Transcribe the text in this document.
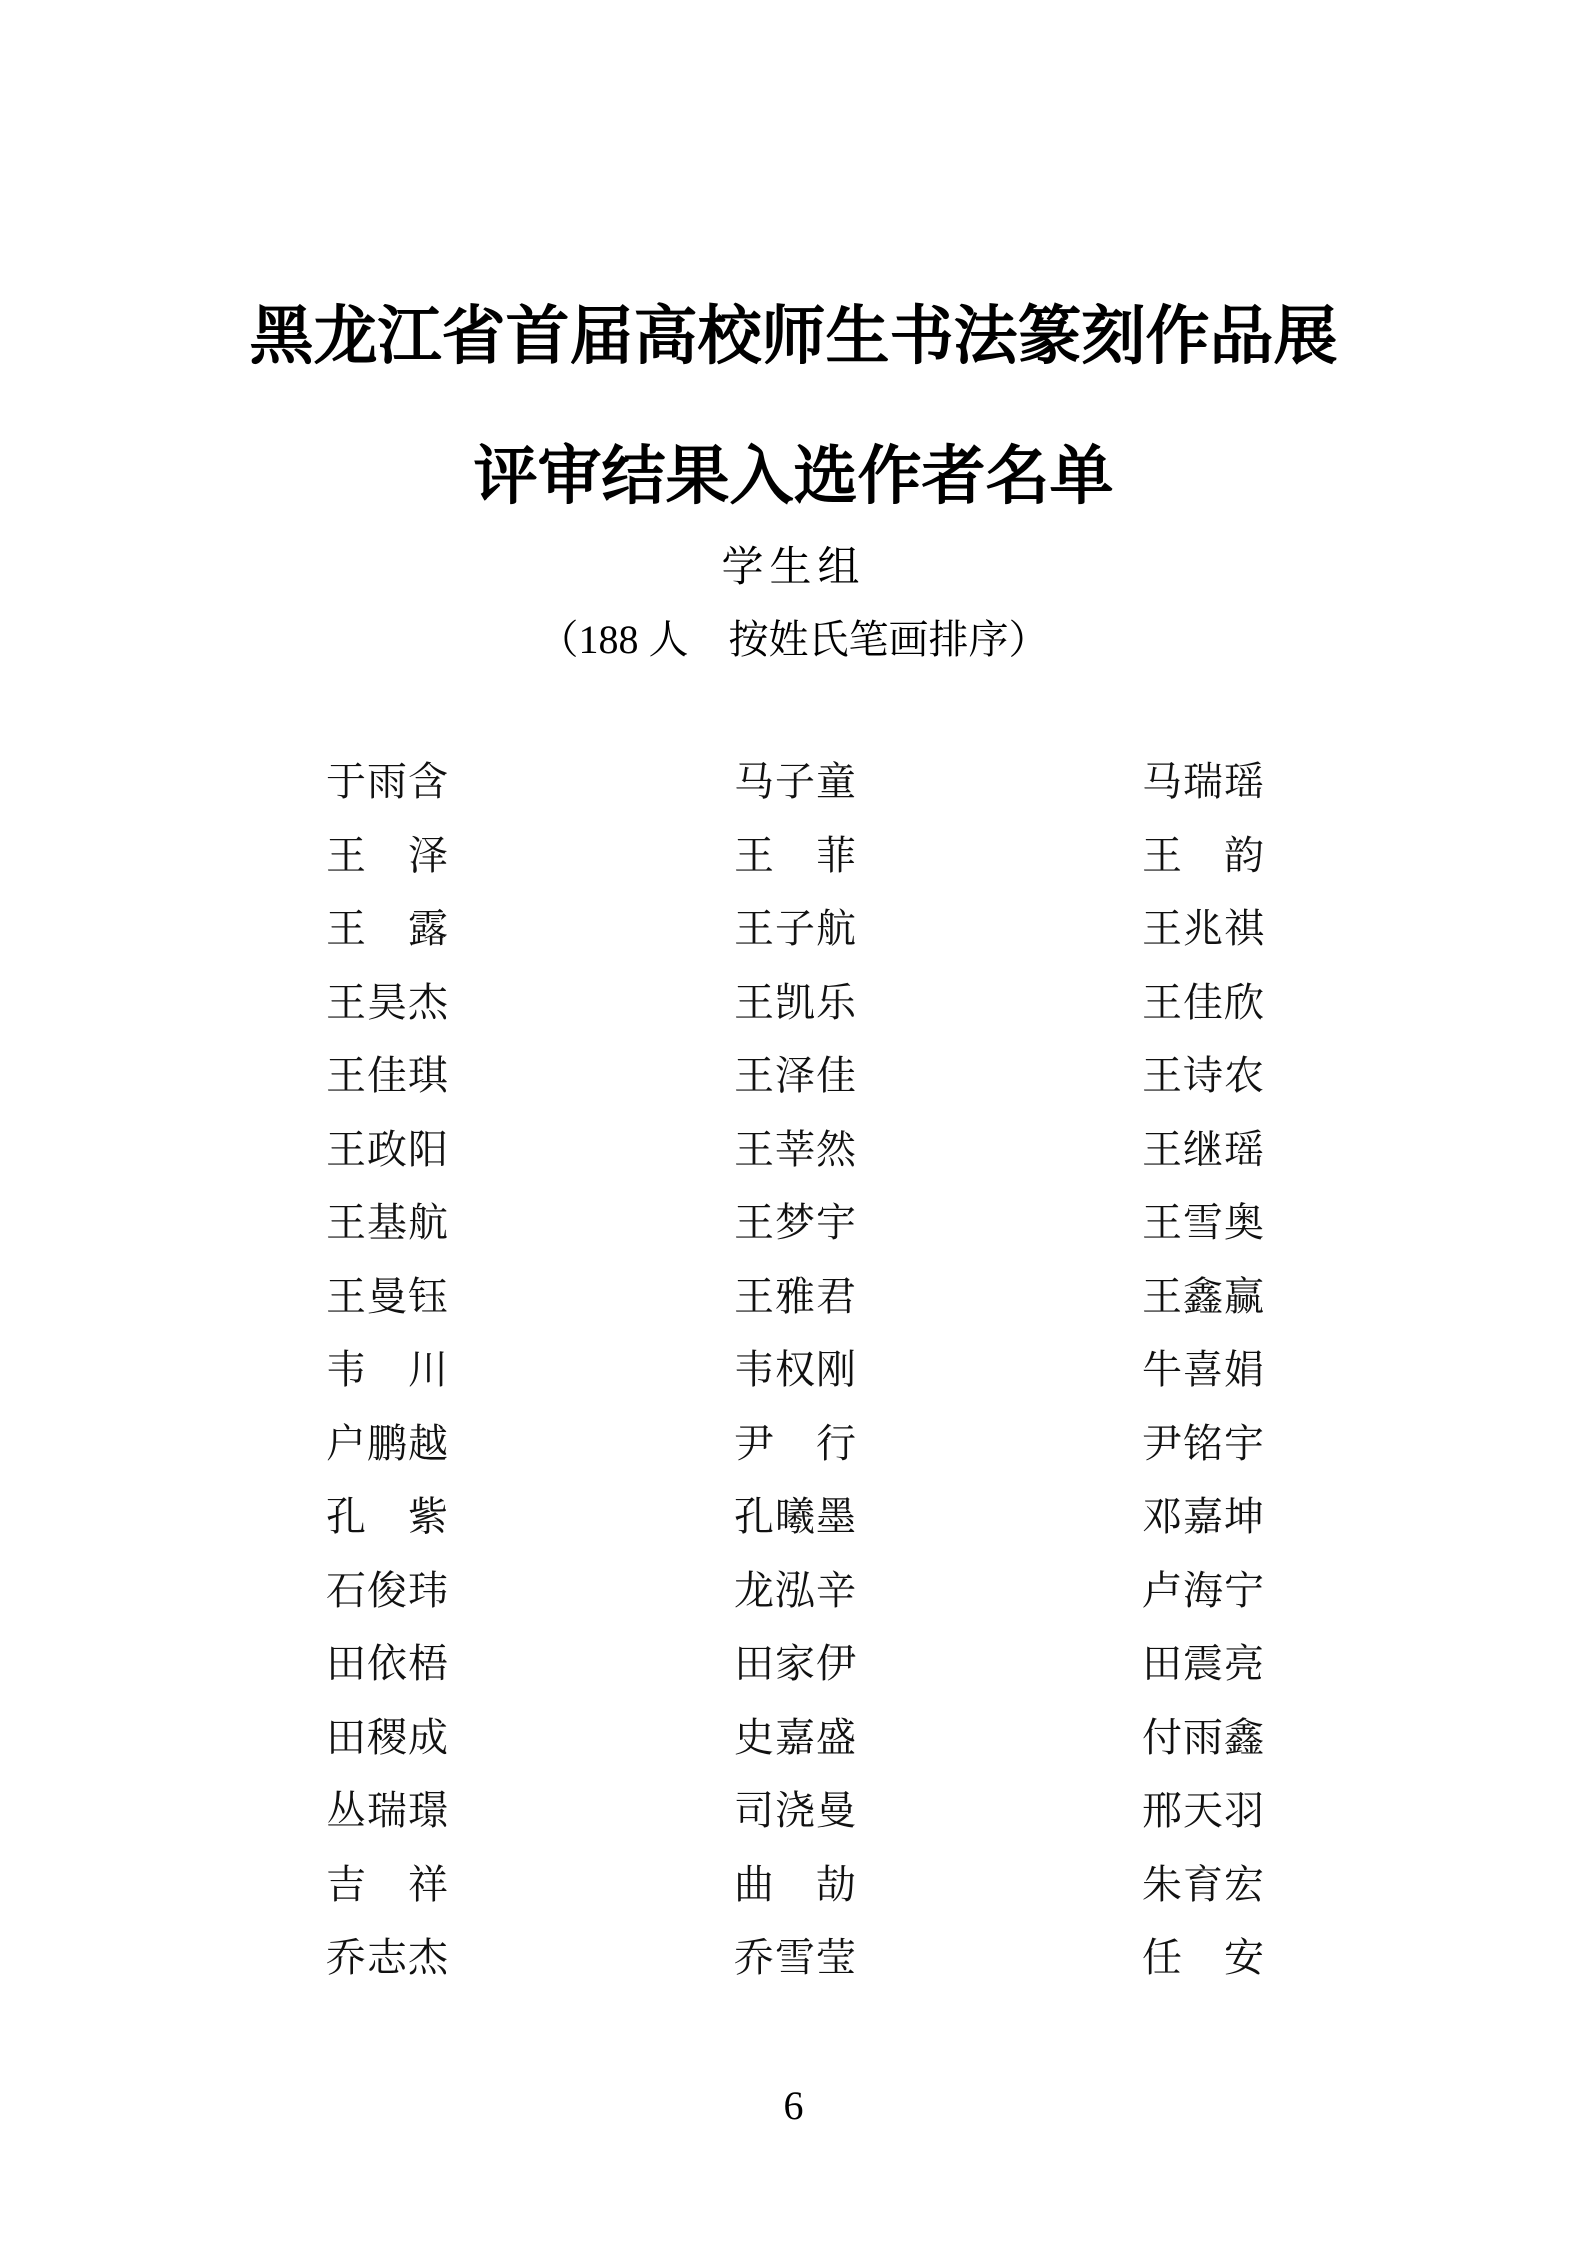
黑龙江省首届高校师生书法篆刻作品展
评审结果入选作者名单
学生组
（188 人　按姓氏笔画排序）
于雨含	马子童	马瑞瑶
王泽	王菲	王韵
王露	王子航	王兆祺
王昊杰	王凯乐	王佳欣
王佳琪	王泽佳	王诗农
王政阳	王莘然	王继瑶
王基航	王梦宇	王雪奥
王曼钰	王雅君	王鑫赢
韦川	韦权刚	牛喜娟
户鹏越	尹行	尹铭宇
孔紫	孔曦墨	邓嘉坤
石俊玮	龙泓辛	卢海宁
田依梧	田家伊	田震亮
田稷成	史嘉盛	付雨鑫
丛瑞璟	司浇曼	邢天羽
吉祥	曲劼	朱育宏
乔志杰	乔雪莹	任安
6
